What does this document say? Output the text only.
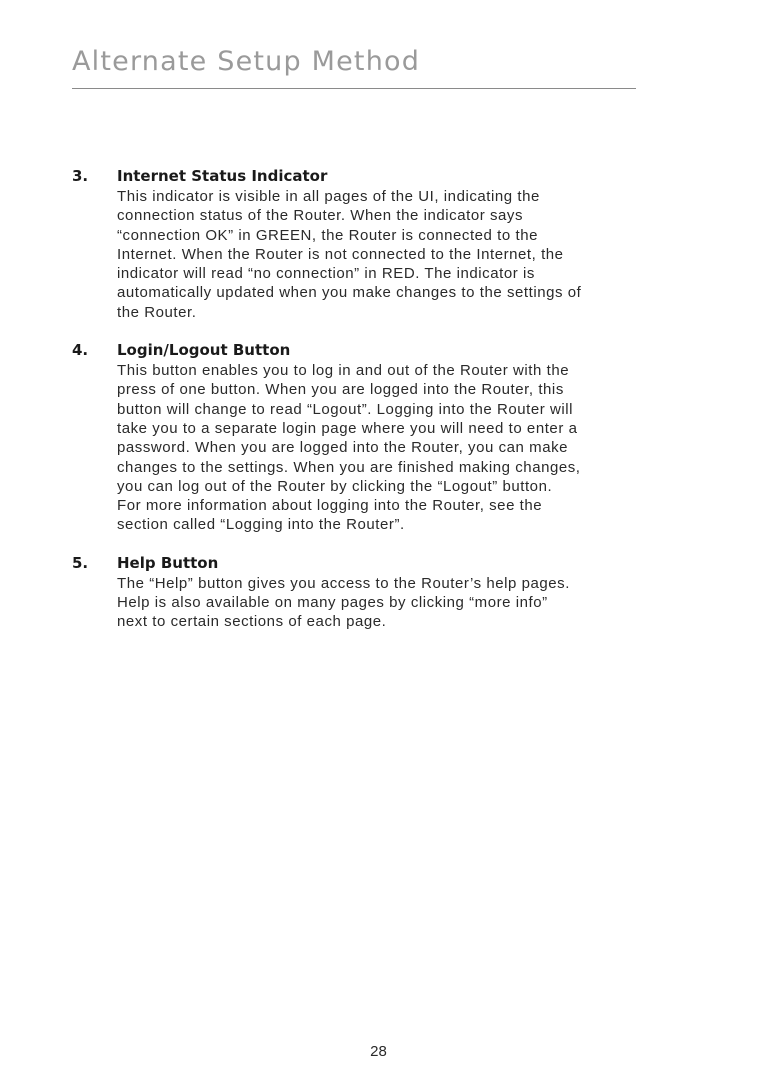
Alternate Setup Method
3. Internet Status Indicator

This indicator is visible in all pages of the UI, indicating the
connection status of the Router. When the indicator says
“connection OK” in GREEN, the Router is connected to the
Internet. When the Router is not connected to the Internet, the
indicator will read “no connection” in RED. The indicator is
automatically updated when you make changes to the settings of
the Router.

4. Login/Logout Button

This button enables you to log in and out of the Router with the
press of one button. When you are logged into the Router, this
button will change to read “Logout”. Logging into the Router will
take you to a separate login page where you will need to enter a
password. When you are logged into the Router, you can make
changes to the settings. When you are finished making changes,
you can log out of the Router by clicking the “Logout” button.
For more information about logging into the Router, see the
section called “Logging into the Router”.

5. Help Button

The “Help” button gives you access to the Router’s help pages.
Help is also available on many pages by clicking “more info”
next to certain sections of each page.

28
